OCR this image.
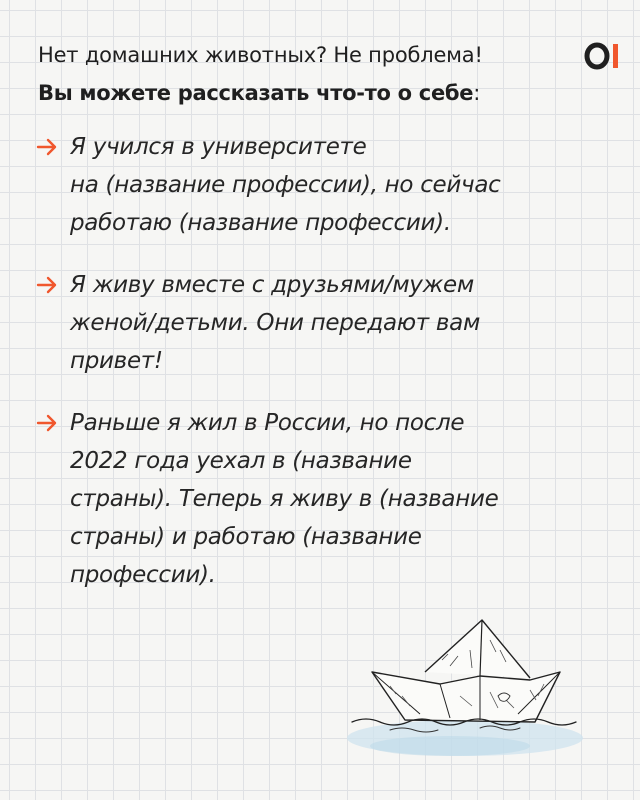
Нет домашних животных? Не проблема!

Вы можете рассказать что-то о себе:

Я учился в университете
на (название профессии), но сейчас
работаю (название профессии).
Я живу вместе с друзьями/мужем
женой/детьми. Они передают вам
привет!
Раньше я жил в России, но после
2022 года уехал в (название
страны). Теперь я живу в (название
страны) и работаю (название
профессии).
